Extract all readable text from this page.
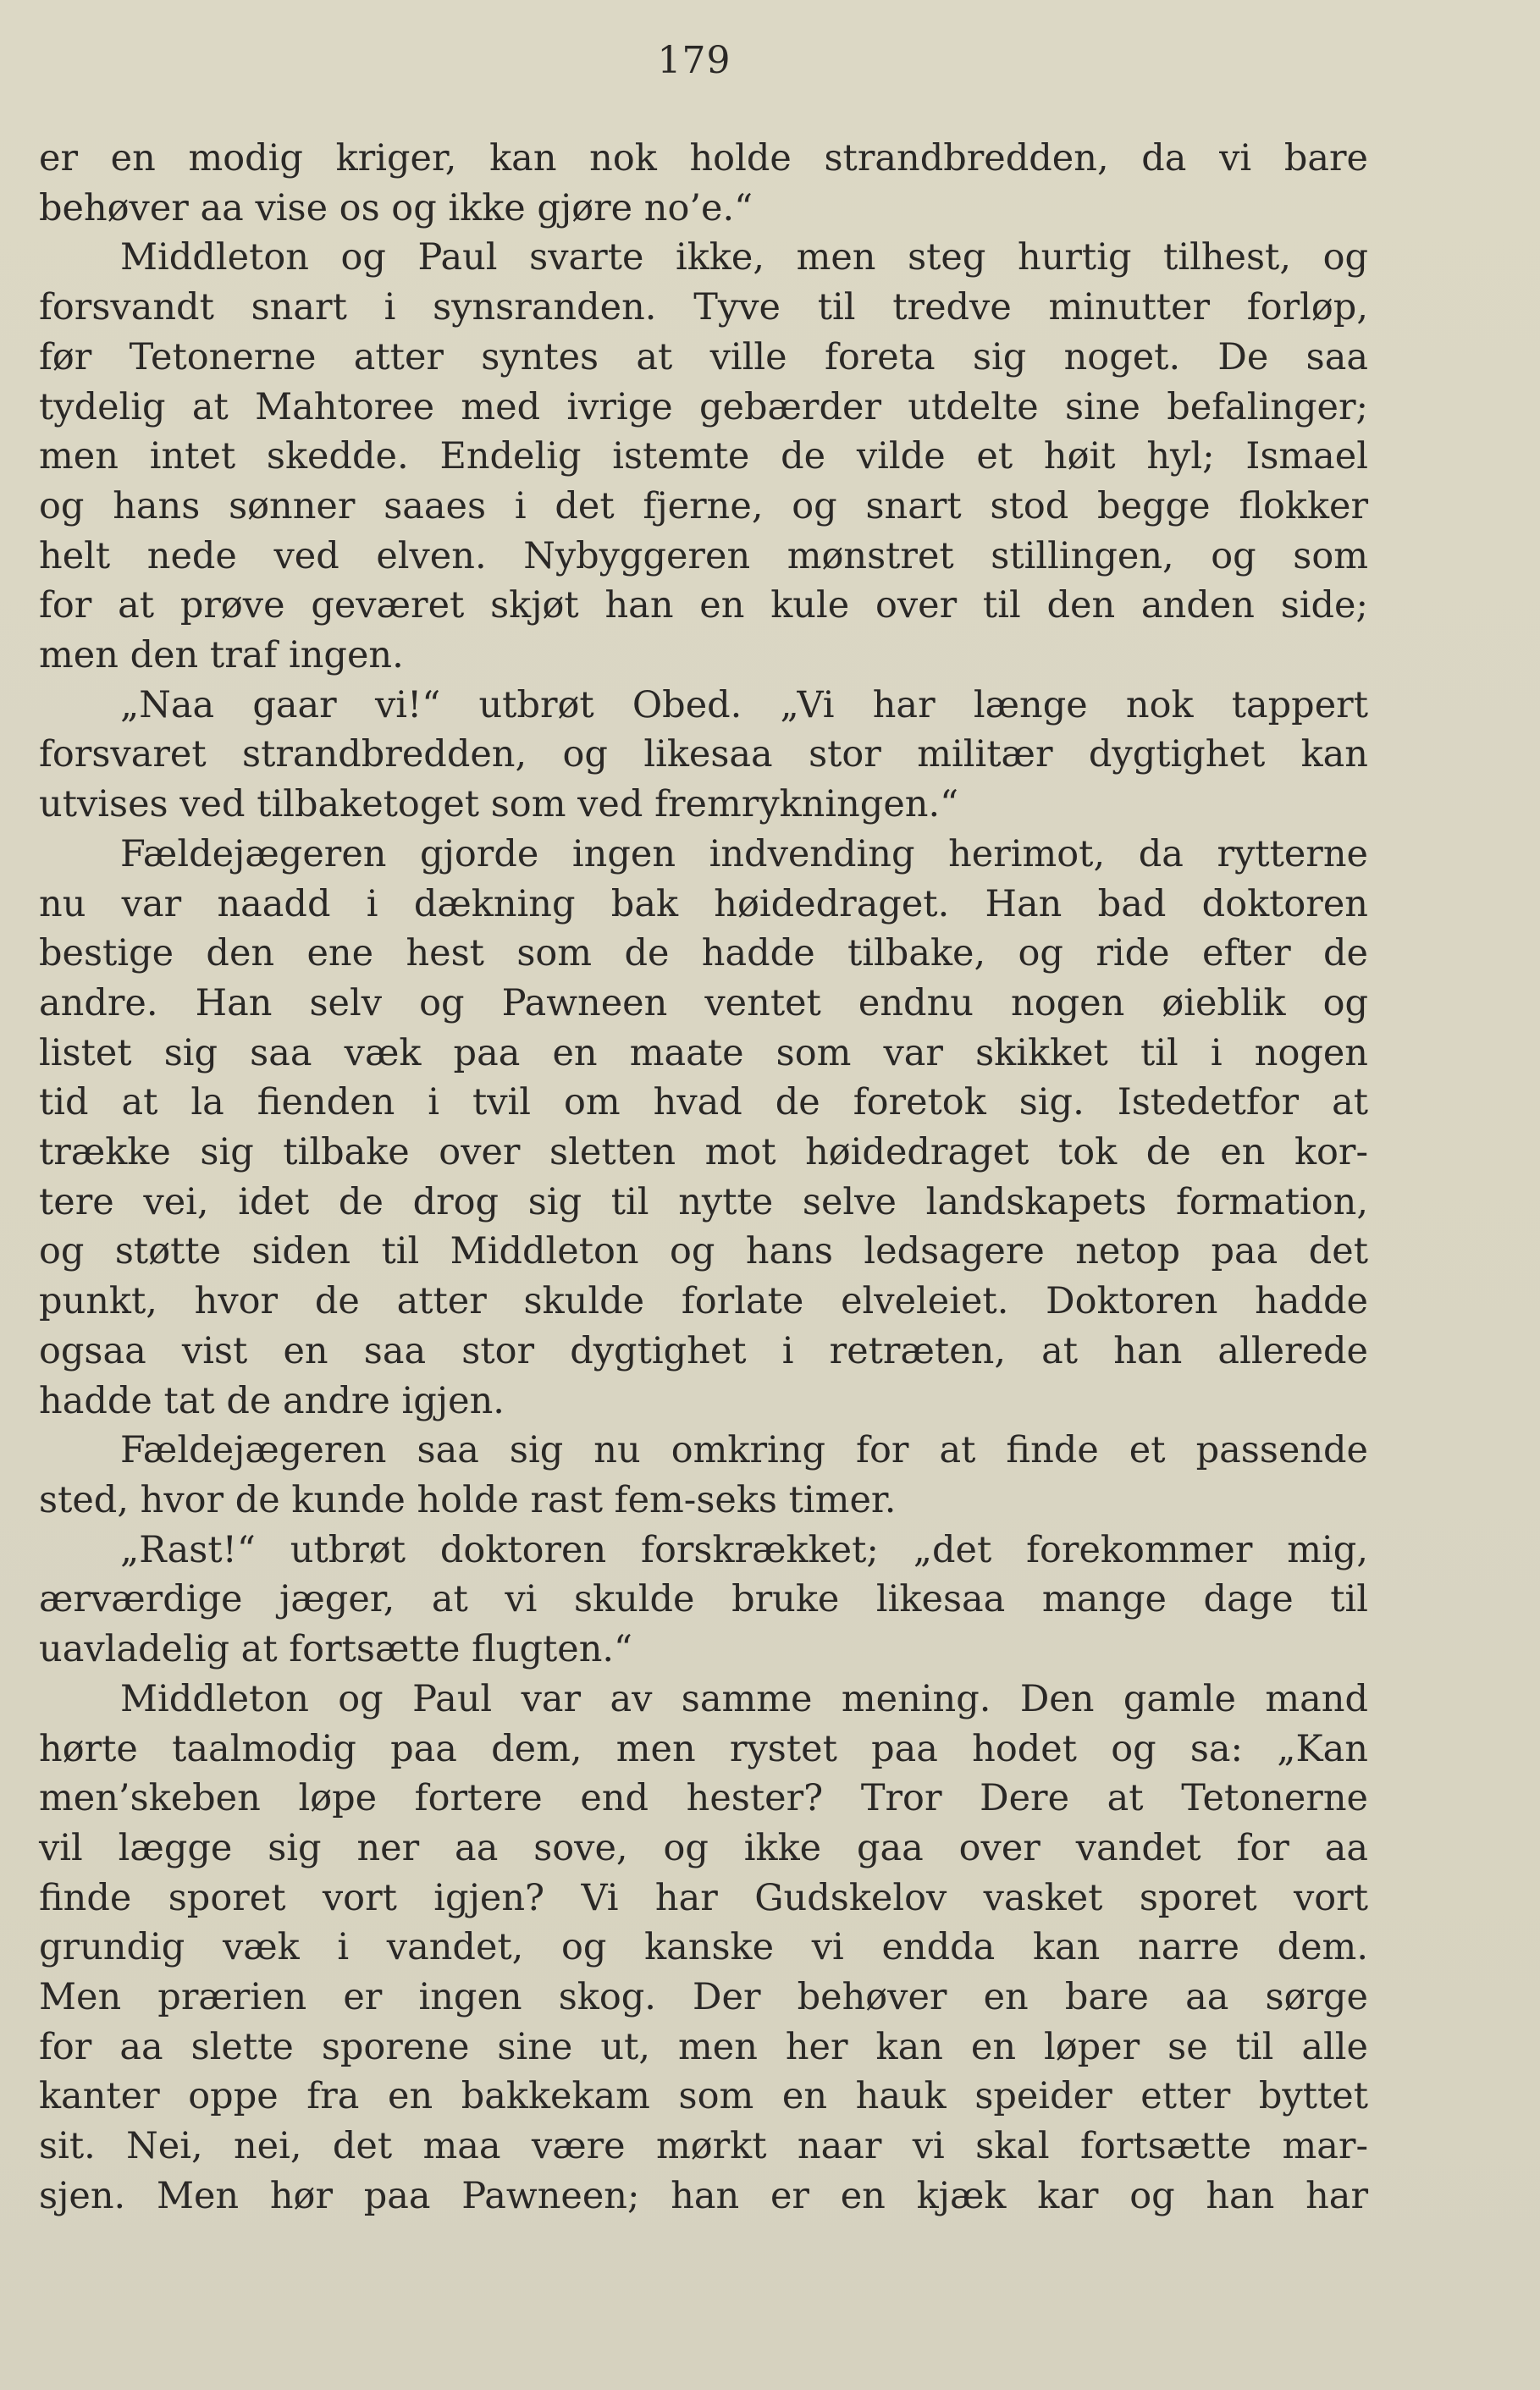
179
er en modig kriger, kan nok holde strandbredden, da vi bare
behøver aa vise os og ikke gjøre no’e.“
Middleton og Paul svarte ikke, men steg hurtig tilhest, og
forsvandt snart i synsranden. Tyve til tredve minutter forløp,
før Tetonerne atter syntes at ville foreta sig noget. De saa
tydelig at Mahtoree med ivrige gebærder utdelte sine befalinger;
men intet skedde. Endelig istemte de vilde et høit hyl; Ismael
og hans sønner saaes i det fjerne, og snart stod begge flokker
helt nede ved elven. Nybyggeren mønstret stillingen, og som
for at prøve geværet skjøt han en kule over til den anden side;
men den traf ingen.
„Naa gaar vi!“ utbrøt Obed. „Vi har længe nok tappert
forsvaret strandbredden, og likesaa stor militær dygtighet kan
utvises ved tilbaketoget som ved fremrykningen.“
Fældejægeren gjorde ingen indvending herimot, da rytterne
nu var naadd i dækning bak høidedraget. Han bad doktoren
bestige den ene hest som de hadde tilbake, og ride efter de
andre. Han selv og Pawneen ventet endnu nogen øieblik og
listet sig saa væk paa en maate som var skikket til i nogen
tid at la fienden i tvil om hvad de foretok sig. Istedetfor at
trække sig tilbake over sletten mot høidedraget tok de en kor-
tere vei, idet de drog sig til nytte selve landskapets formation,
og støtte siden til Middleton og hans ledsagere netop paa det
punkt, hvor de atter skulde forlate elveleiet. Doktoren hadde
ogsaa vist en saa stor dygtighet i retræten, at han allerede
hadde tat de andre igjen.
Fældejægeren saa sig nu omkring for at finde et passende
sted, hvor de kunde holde rast fem-seks timer.
„Rast!“ utbrøt doktoren forskrækket; „det forekommer mig,
ærværdige jæger, at vi skulde bruke likesaa mange dage til
uavladelig at fortsætte flugten.“
Middleton og Paul var av samme mening. Den gamle mand
hørte taalmodig paa dem, men rystet paa hodet og sa: „Kan
men’skeben løpe fortere end hester? Tror Dere at Tetonerne
vil lægge sig ner aa sove, og ikke gaa over vandet for aa
finde sporet vort igjen? Vi har Gudskelov vasket sporet vort
grundig væk i vandet, og kanske vi endda kan narre dem.
Men prærien er ingen skog. Der behøver en bare aa sørge
for aa slette sporene sine ut, men her kan en løper se til alle
kanter oppe fra en bakkekam som en hauk speider etter byttet
sit. Nei, nei, det maa være mørkt naar vi skal fortsætte mar-
sjen. Men hør paa Pawneen; han er en kjæk kar og han har
